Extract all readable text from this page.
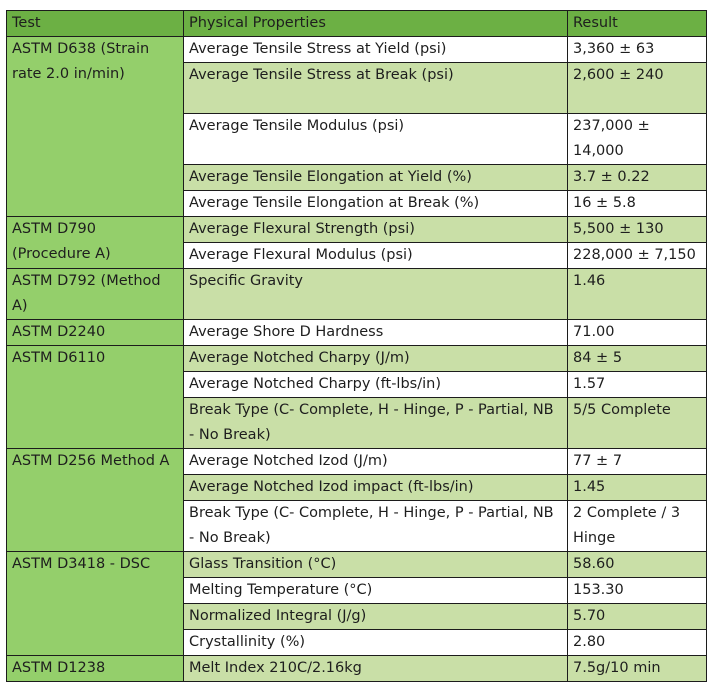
Test	Physical Properties	Result
ASTM D638 (Strain rate 2.0 in/min)	Average Tensile Stress at Yield (psi)	3,360 ± 63
	Average Tensile Stress at Break (psi)	2,600 ± 240
	Average Tensile Modulus (psi)	237,000 ± 14,000
	Average Tensile Elongation at Yield (%)	3.7 ± 0.22
	Average Tensile Elongation at Break (%)	16 ± 5.8
ASTM D790 (Procedure A)	Average Flexural Strength (psi)	5,500 ± 130
	Average Flexural Modulus (psi)	228,000 ± 7,150
ASTM D792 (Method A)	Specific Gravity	1.46
ASTM D2240	Average Shore D Hardness	71.00
ASTM D6110	Average Notched Charpy (J/m)	84 ± 5
	Average Notched Charpy (ft-lbs/in)	1.57
	Break Type (C- Complete, H - Hinge, P - Partial, NB - No Break)	5/5 Complete
ASTM D256 Method A	Average Notched Izod (J/m)	77 ± 7
	Average Notched Izod impact (ft-lbs/in)	1.45
	Break Type (C- Complete, H - Hinge, P - Partial, NB - No Break)	2 Complete / 3 Hinge
ASTM D3418 - DSC	Glass Transition (°C)	58.60
	Melting Temperature (°C)	153.30
	Normalized Integral (J/g)	5.70
	Crystallinity (%)	2.80
ASTM D1238	Melt Index 210C/2.16kg	7.5g/10 min
